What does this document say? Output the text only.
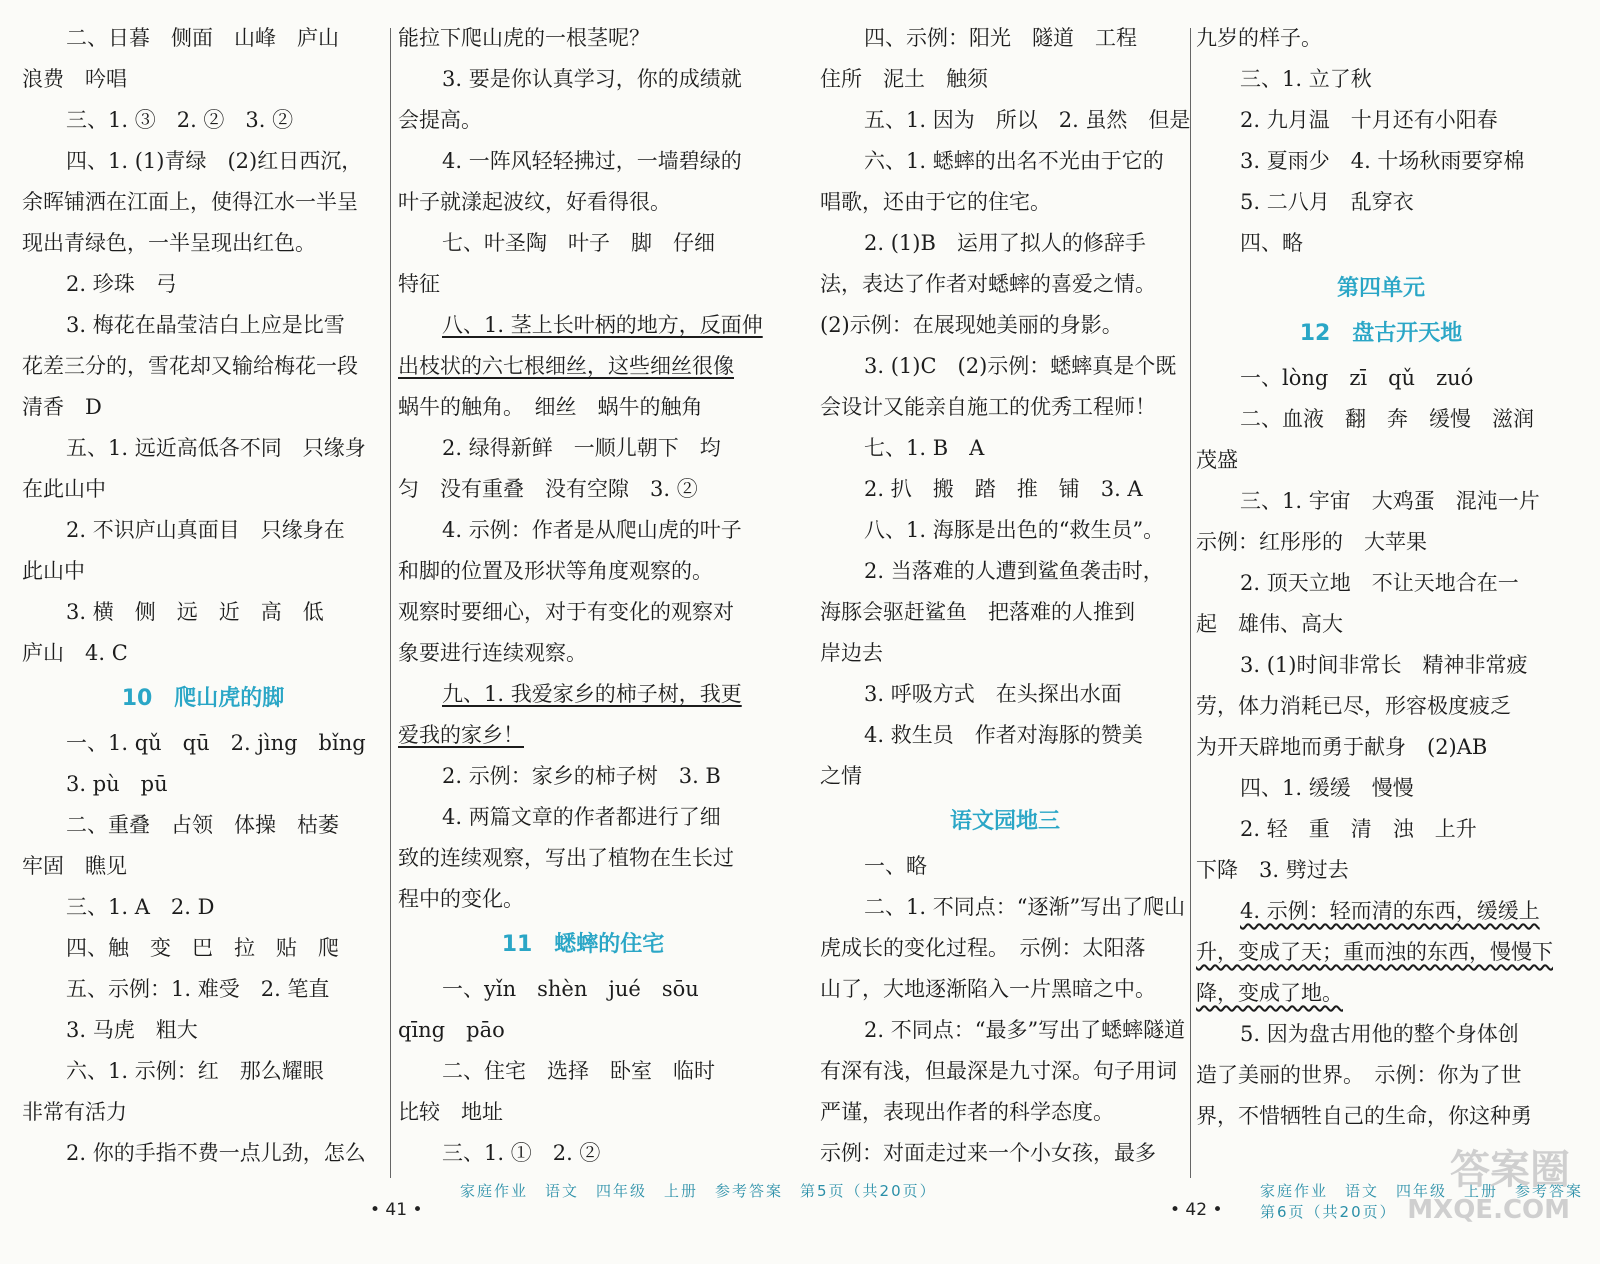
二、日暮　侧面　山峰　庐山
浪费　吟唱
三、1. ③　2. ②　3. ②
四、1. (1)青绿　(2)红日西沉，
余晖铺洒在江面上，使得江水一半呈
现出青绿色，一半呈现出红色。
2. 珍珠　弓
3. 梅花在晶莹洁白上应是比雪
花差三分的，雪花却又输给梅花一段
清香　D
五、1. 远近高低各不同　只缘身
在此山中
2. 不识庐山真面目　只缘身在
此山中
3. 横　侧　远　近　高　低
庐山　4. C
10　爬山虎的脚
一、1. qǔ　qū　2. jìng　bǐng
3. pù　pū
二、重叠　占领　体操　枯萎
牢固　瞧见
三、1. A　2. D
四、触　变　巴　拉　贴　爬
五、示例：1. 难受　2. 笔直
3. 马虎　粗大
六、1. 示例：红　那么耀眼
非常有活力
2. 你的手指不费一点儿劲，怎么
能拉下爬山虎的一根茎呢？
3. 要是你认真学习，你的成绩就
会提高。
4. 一阵风轻轻拂过，一墙碧绿的
叶子就漾起波纹，好看得很。
七、叶圣陶　叶子　脚　仔细
特征
八、1. 茎上长叶柄的地方，反面伸
出枝状的六七根细丝，这些细丝很像
蜗牛的触角。　细丝　蜗牛的触角
2. 绿得新鲜　一顺儿朝下　均
匀　没有重叠　没有空隙　3. ②
4. 示例：作者是从爬山虎的叶子
和脚的位置及形状等角度观察的。
观察时要细心，对于有变化的观察对
象要进行连续观察。
九、1. 我爱家乡的柿子树，我更
爱我的家乡！
2. 示例：家乡的柿子树　3. B
4. 两篇文章的作者都进行了细
致的连续观察，写出了植物在生长过
程中的变化。
11　蟋蟀的住宅
一、yǐn　shèn　jué　sōu
qīng　pāo
二、住宅　选择　卧室　临时
比较　地址
三、1. ①　2. ②
四、示例：阳光　隧道　工程
住所　泥土　触须
五、1. 因为　所以　2. 虽然　但是
六、1. 蟋蟀的出名不光由于它的
唱歌，还由于它的住宅。
2. (1)B　运用了拟人的修辞手
法，表达了作者对蟋蟀的喜爱之情。
(2)示例：在展现她美丽的身影。
3. (1)C　(2)示例：蟋蟀真是个既
会设计又能亲自施工的优秀工程师！
七、1. B　A
2. 扒　搬　踏　推　铺　3. A
八、1. 海豚是出色的“救生员”。
2. 当落难的人遭到鲨鱼袭击时，
海豚会驱赶鲨鱼　把落难的人推到
岸边去
3. 呼吸方式　在头探出水面
4. 救生员　作者对海豚的赞美
之情
语文园地三
一、略
二、1. 不同点：“逐渐”写出了爬山
虎成长的变化过程。　示例：太阳落
山了，大地逐渐陷入一片黑暗之中。
2. 不同点：“最多”写出了蟋蟀隧道
有深有浅，但最深是九寸深。句子用词
严谨，表现出作者的科学态度。
示例：对面走过来一个小女孩，最多
九岁的样子。
三、1. 立了秋
2. 九月温　十月还有小阳春
3. 夏雨少　4. 十场秋雨要穿棉
5. 二八月　乱穿衣
四、略
第四单元
12　盘古开天地
一、lòng　zī　qǔ　zuó
二、血液　翻　奔　缓慢　滋润
茂盛
三、1. 宇宙　大鸡蛋　混沌一片
示例：红彤彤的　大苹果
2. 顶天立地　不让天地合在一
起　雄伟、高大
3. (1)时间非常长　精神非常疲
劳，体力消耗已尽，形容极度疲乏
为开天辟地而勇于献身　(2)AB
四、1. 缓缓　慢慢
2. 轻　重　清　浊　上升
下降　3. 劈过去
4. 示例：轻而清的东西，缓缓上
升，变成了天；重而浊的东西，慢慢下
降，变成了地。
5. 因为盘古用他的整个身体创
造了美丽的世界。　示例：你为了世
界，不惜牺牲自己的生命，你这种勇
家庭作业　语文　四年级　上册　参考答案　第5页（共20页）	家庭作业　语文　四年级　上册　参考答案　第6页（共20页）
• 41 •	• 42 •
答案圈
MXQE.COM
